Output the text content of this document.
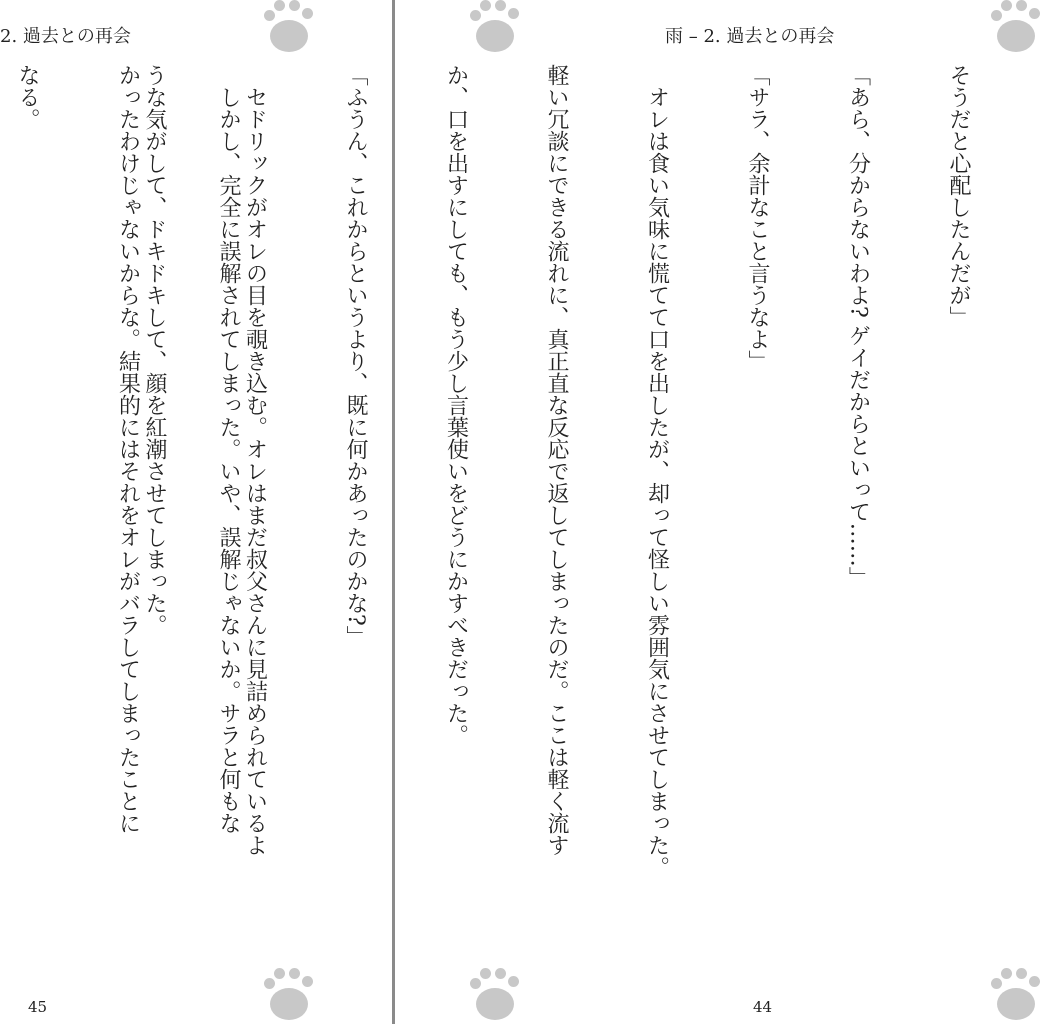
2. 過去との再会

しかし、完全に誤解されてしまった。いや、誤解じゃないか。サラと何もな

かったわけじゃないからな。結果的にはそれをオレがバラしてしまったことに

なる。

45
雨 – 2. 過去との再会

そうだと心配したんだが」

「あら、分からないわよ? ゲイだからといって……」

「サラ、余計なこと言うなよ」

オレは食い気味に慌てて口を出したが、却って怪しい雰囲気にさせてしまった。

軽い冗談にできる流れに、真正直な反応で返してしまったのだ。ここは軽く流す

か、口を出すにしても、もう少し言葉使いをどうにかすべきだった。

「ふうん、これからというより、既に何かあったのかな?」

セドリックがオレの目を覗き込む。オレはまだ叔父さんに見詰められているよ

うな気がして、ドキドキして、顔を紅潮させてしまった。

44
